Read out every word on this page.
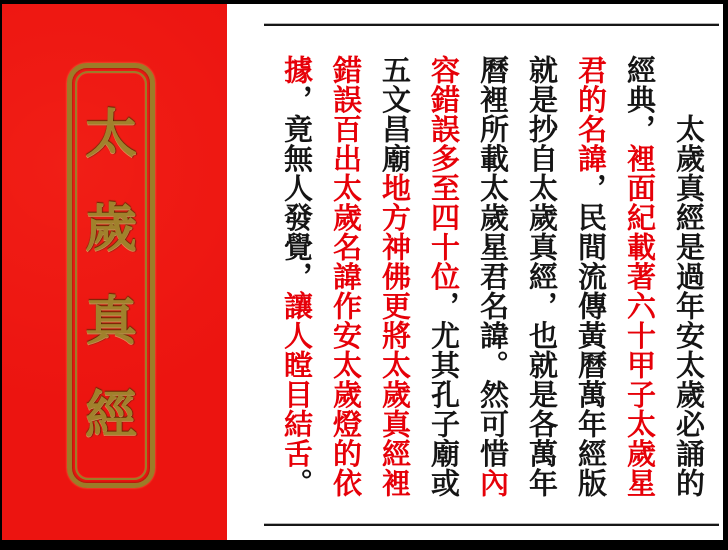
太
歲
真
經	太歲真經是過年安太歲必誦的
經典，裡面紀載著六十甲子太歲星
君的名諱，民間流傳黃曆萬年經版
就是抄自太歲真經，也就是各萬年
曆裡所載太歲星君名諱。然可惜內
容錯誤多至四十位，尤其孔子廟或
五文昌廟地方神佛更將太歲真經裡
錯誤百出太歲名諱作安太歲燈的依
據，竟無人發覺，讓人瞠目結舌。
